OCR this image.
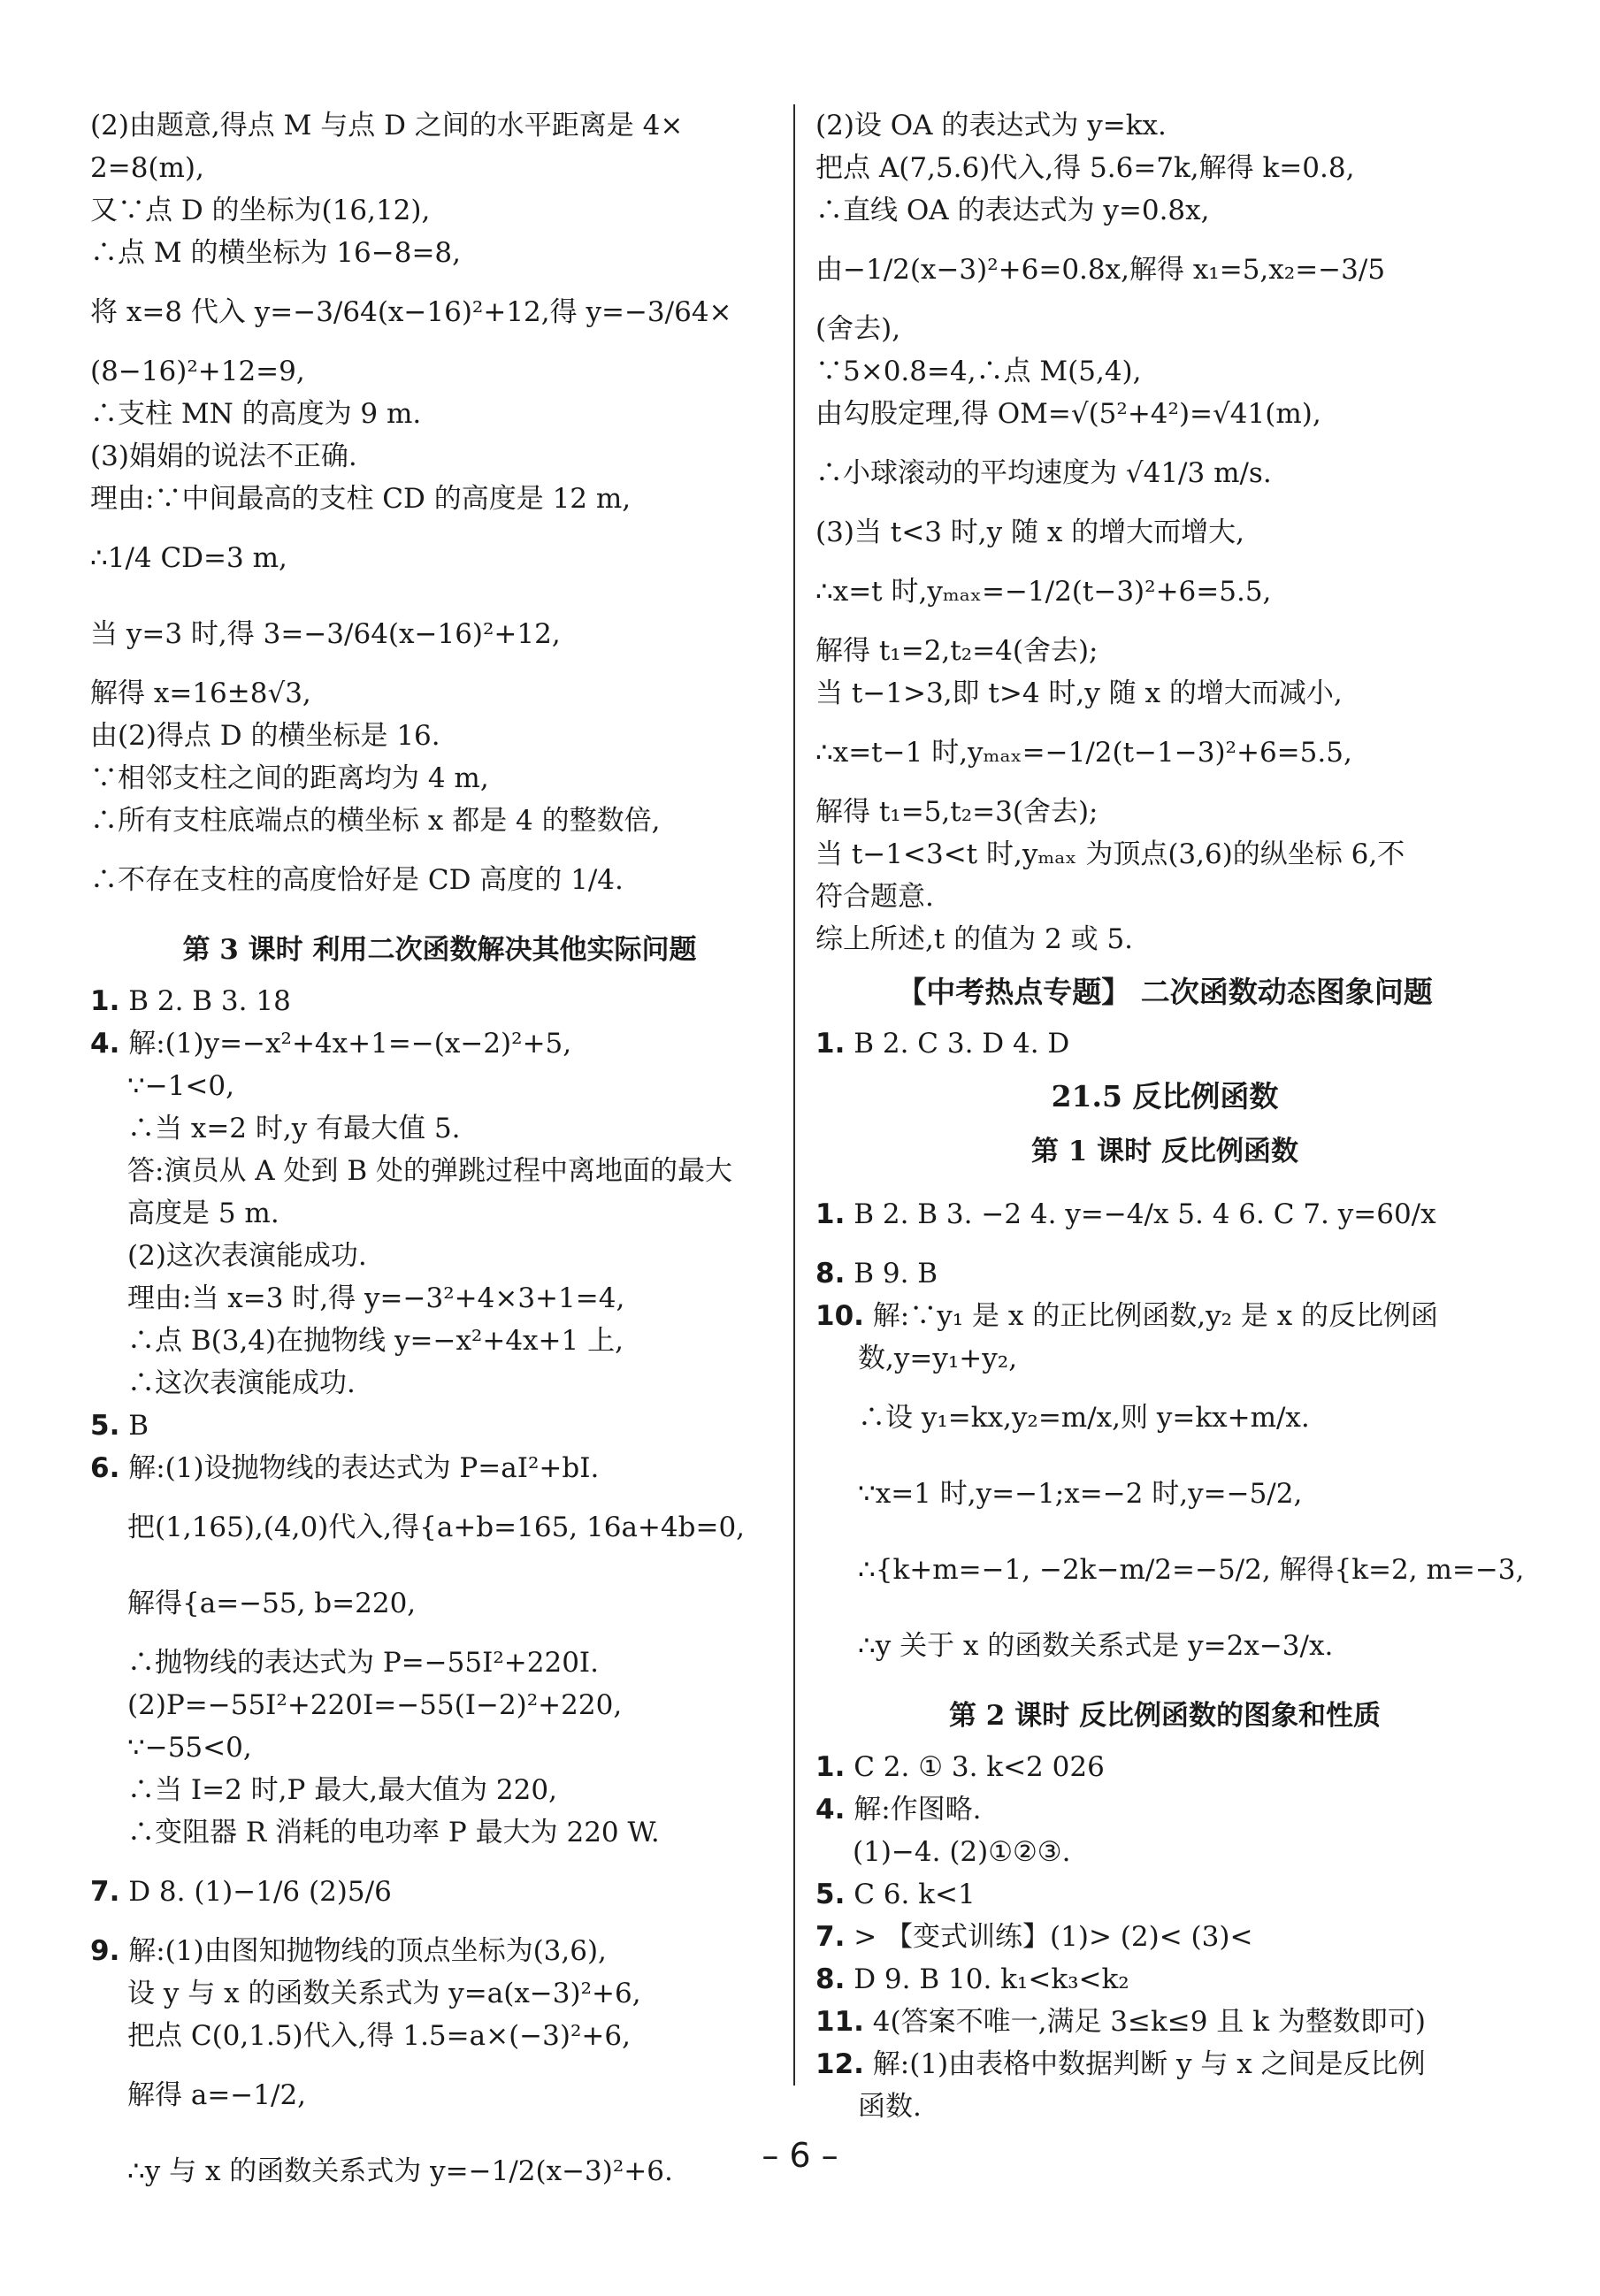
(2)由题意,得点 M 与点 D 之间的水平距离是 4×
2=8(m),
又∵点 D 的坐标为(16,12),
∴点 M 的横坐标为 16−8=8,
将 x=8 代入 y=−3/64(x−16)²+12,得 y=−3/64×
(8−16)²+12=9,
∴支柱 MN 的高度为 9 m.
(3)娟娟的说法不正确.
理由:∵中间最高的支柱 CD 的高度是 12 m,
∴1/4 CD=3 m,
当 y=3 时,得 3=−3/64(x−16)²+12,
解得 x=16±8√3,
由(2)得点 D 的横坐标是 16.
∵相邻支柱之间的距离均为 4 m,
∴所有支柱底端点的横坐标 x 都是 4 的整数倍,
∴不存在支柱的高度恰好是 CD 高度的 1/4.
第 3 课时 利用二次函数解决其他实际问题
1. B 2. B 3. 18
4. 解:(1)y=−x²+4x+1=−(x−2)²+5,
∵−1<0,
∴当 x=2 时,y 有最大值 5.
答:演员从 A 处到 B 处的弹跳过程中离地面的最大
高度是 5 m.
(2)这次表演能成功.
理由:当 x=3 时,得 y=−3²+4×3+1=4,
∴点 B(3,4)在抛物线 y=−x²+4x+1 上,
∴这次表演能成功.
5. B
6. 解:(1)设抛物线的表达式为 P=aI²+bI.
把(1,165),(4,0)代入,得{a+b=165, 16a+4b=0,
解得{a=−55, b=220,
∴抛物线的表达式为 P=−55I²+220I.
(2)P=−55I²+220I=−55(I−2)²+220,
∵−55<0,
∴当 I=2 时,P 最大,最大值为 220,
∴变阻器 R 消耗的电功率 P 最大为 220 W.
7. D 8. (1)−1/6 (2)5/6
9. 解:(1)由图知抛物线的顶点坐标为(3,6),
设 y 与 x 的函数关系式为 y=a(x−3)²+6,
把点 C(0,1.5)代入,得 1.5=a×(−3)²+6,
解得 a=−1/2,
∴y 与 x 的函数关系式为 y=−1/2(x−3)²+6.
(2)设 OA 的表达式为 y=kx.
把点 A(7,5.6)代入,得 5.6=7k,解得 k=0.8,
∴直线 OA 的表达式为 y=0.8x,
由−1/2(x−3)²+6=0.8x,解得 x₁=5,x₂=−3/5
(舍去),
∵5×0.8=4,∴点 M(5,4),
由勾股定理,得 OM=√(5²+4²)=√41(m),
∴小球滚动的平均速度为 √41/3 m/s.
(3)当 t<3 时,y 随 x 的增大而增大,
∴x=t 时,yₘₐₓ=−1/2(t−3)²+6=5.5,
解得 t₁=2,t₂=4(舍去);
当 t−1>3,即 t>4 时,y 随 x 的增大而减小,
∴x=t−1 时,yₘₐₓ=−1/2(t−1−3)²+6=5.5,
解得 t₁=5,t₂=3(舍去);
当 t−1<3<t 时,yₘₐₓ 为顶点(3,6)的纵坐标 6,不
符合题意.
综上所述,t 的值为 2 或 5.
【中考热点专题】 二次函数动态图象问题
1. B 2. C 3. D 4. D
21.5 反比例函数
第 1 课时 反比例函数
1. B 2. B 3. −2 4. y=−4/x 5. 4 6. C 7. y=60/x
8. B 9. B
10. 解:∵y₁ 是 x 的正比例函数,y₂ 是 x 的反比例函
数,y=y₁+y₂,
∴设 y₁=kx,y₂=m/x,则 y=kx+m/x.
∵x=1 时,y=−1;x=−2 时,y=−5/2,
∴{k+m=−1, −2k−m/2=−5/2, 解得{k=2, m=−3,
∴y 关于 x 的函数关系式是 y=2x−3/x.
第 2 课时 反比例函数的图象和性质
1. C 2. ① 3. k<2 026
4. 解:作图略.
(1)−4. (2)①②③.
5. C 6. k<1
7. > 【变式训练】(1)> (2)< (3)<
8. D 9. B 10. k₁<k₃<k₂
11. 4(答案不唯一,满足 3≤k≤9 且 k 为整数即可)
12. 解:(1)由表格中数据判断 y 与 x 之间是反比例
函数.
– 6 –
